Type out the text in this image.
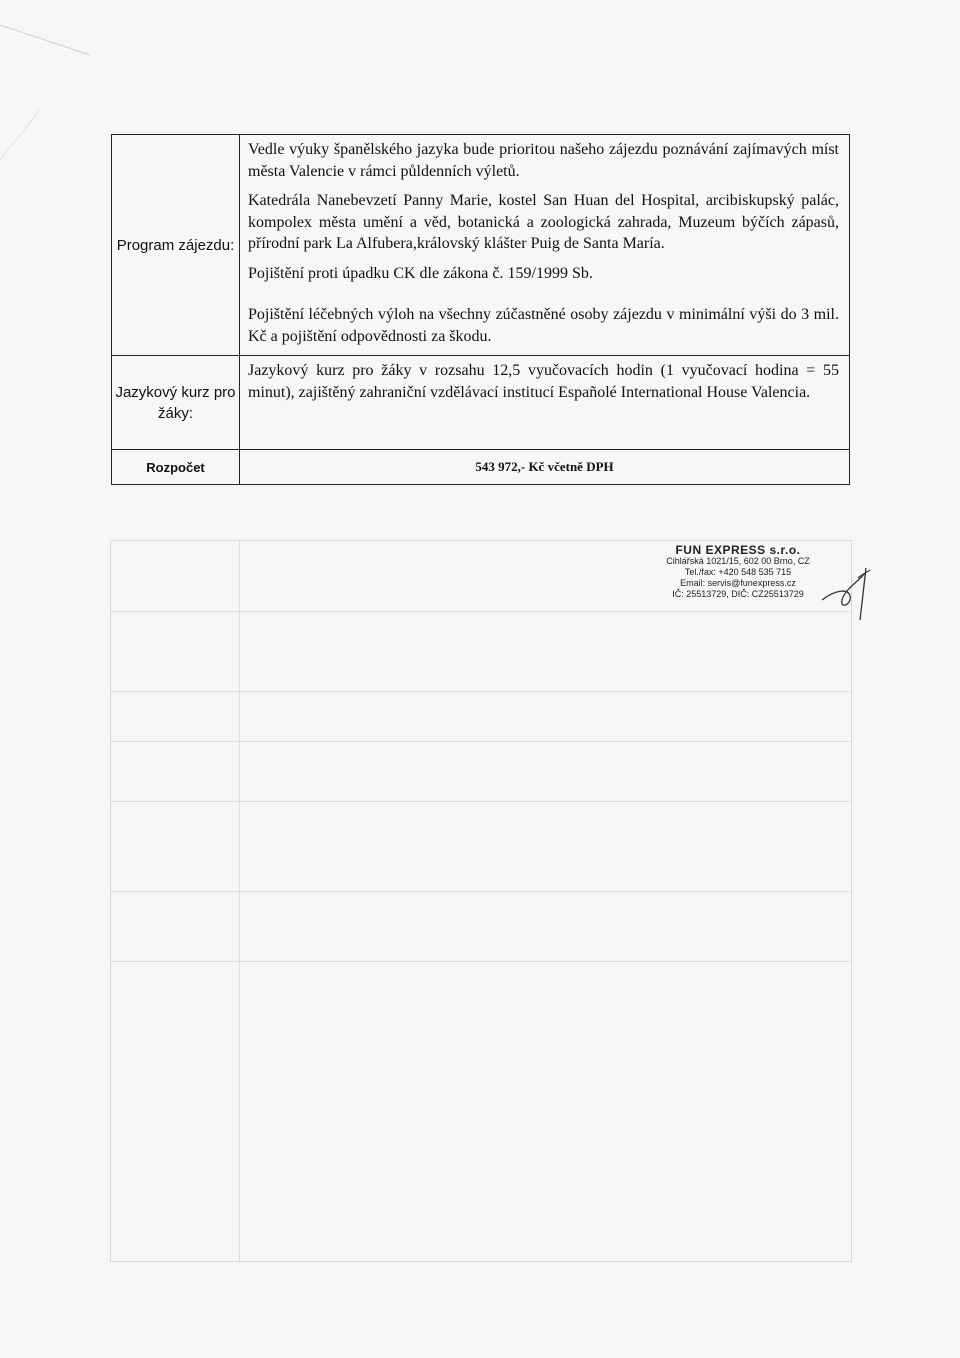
Program zájezdu:	Vedle výuky španělského jazyka bude prioritou našeho zájezdu poznávání zajímavých míst města Valencie v rámci půldenních výletů.

Katedrála Nanebevzetí Panny Marie, kostel San Huan del Hospital, arcibiskupský palác, kompolex města umění a věd, botanická a zoologická zahrada, Muzeum býčích zápasů, přírodní park La Alfubera,královský klášter Puig de Santa María.

Pojištění proti úpadku CK dle zákona č. 159/1999 Sb.

Pojištění léčebných výloh na všechny zúčastněné osoby zájezdu v minimální výši do 3 mil. Kč a pojištění odpovědnosti za škodu.

Jazykový kurz pro žáky:	Jazykový kurz pro žáky v rozsahu 12,5 vyučovacích hodin (1 vyučovací hodina = 55 minut), zajištěný zahraniční vzdělávací institucí Españolé International House Valencia.

Rozpočet	543 972,- Kč včetně DPH
FUN EXPRESS s.r.o.
Cihlářská 1021/15, 602 00 Brno, CZ
Tel./fax: +420 548 535 715
Email: servis@funexpress.cz
IČ: 25513729, DIČ: CZ25513729
